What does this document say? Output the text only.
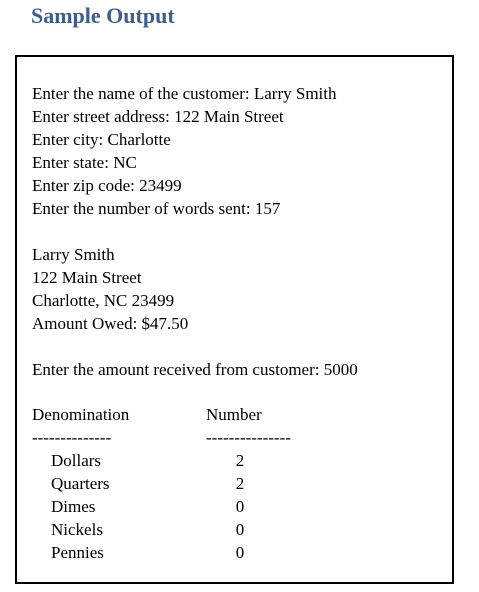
Sample Output
Enter the name of the customer: Larry Smith
Enter street address: 122 Main Street
Enter city: Charlotte
Enter state: NC
Enter zip code: 23499
Enter the number of words sent: 157
Larry Smith
122 Main Street
Charlotte, NC 23499
Amount Owed: $47.50
Enter the amount received from customer: 5000
Denomination	Number
--------------	---------------
Dollars	2
Quarters	2
Dimes	0
Nickels	0
Pennies	0
